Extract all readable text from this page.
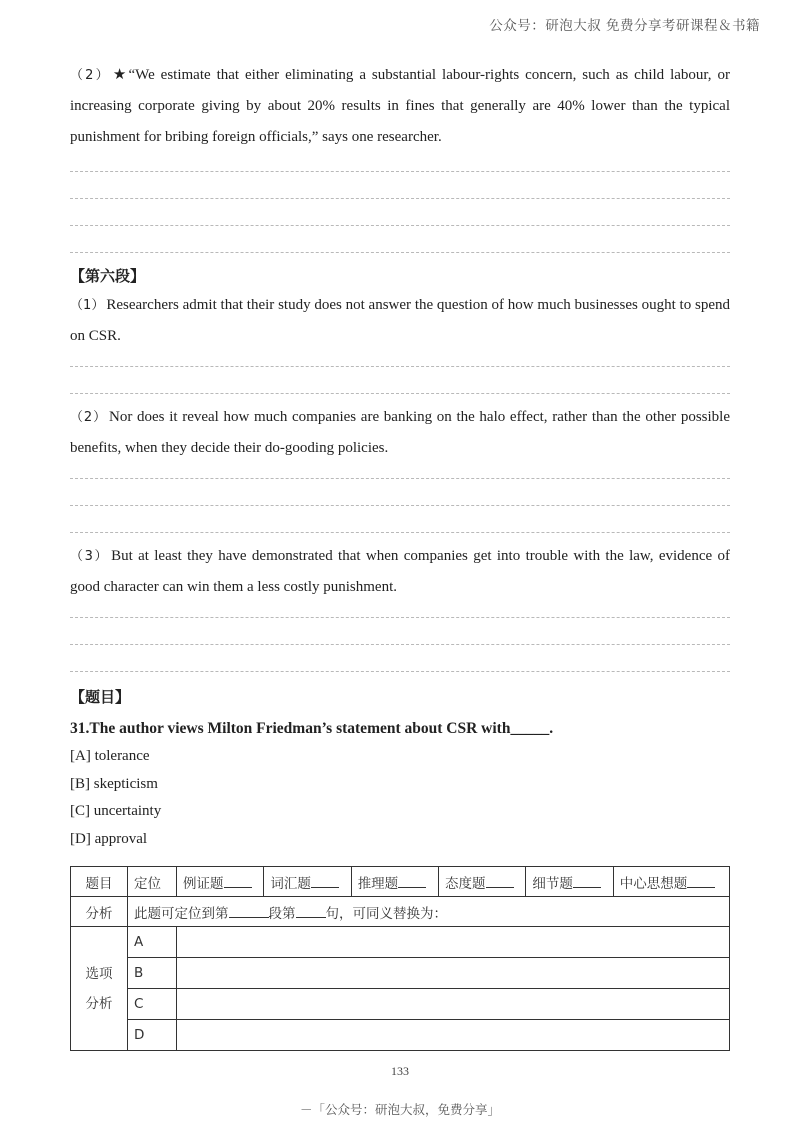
公众号：研泡大叔 免费分享考研课程＆书籍

（2） ★“We estimate that either eliminating a substantial labour-rights concern, such as child labour, or increasing corporate giving by about 20% results in fines that generally are 40% lower than the typical punishment for bribing foreign officials,” says one researcher.

【第六段】

（1） Researchers admit that their study does not answer the question of how much businesses ought to spend on CSR.

（2） Nor does it reveal how much companies are banking on the halo effect, rather than the other possible benefits, when they decide their do-gooding policies.

（3） But at least they have demonstrated that when companies get into trouble with the law, evidence of good character can win them a less costly punishment.

【题目】

31.The author views Milton Friedman’s statement about CSR with_____.

[A] tolerance

[B] skepticism

[C] uncertainty

[D] approval

题目	定位	例证题	词汇题	推理题	态度题	细节题	中心思想题
分析	此题可定位到第 段第 句，可同义替换为：						

选项
分析	A						
	B						
	C						
	D						
133
－「公众号：研泡大叔，免费分享」
